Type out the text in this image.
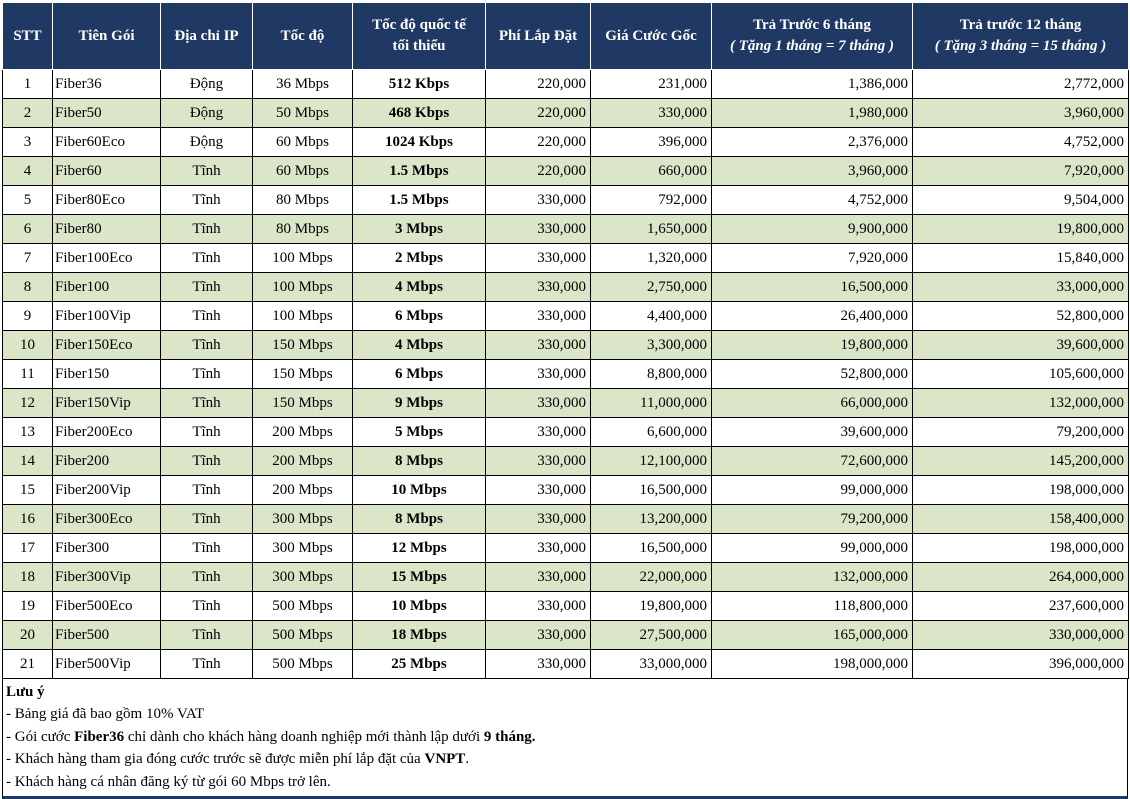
STT	Tiên Gói	Địa chỉ IP	Tốc độ	Tốc độ quốc tế
tối thiểu	Phí Lắp Đặt	Giá Cước Gốc	Trả Trước 6 tháng
( Tặng 1 tháng = 7 tháng )	Trả trước 12 tháng
( Tặng 3 tháng = 15 tháng )
1	Fiber36	Động	36 Mbps	512 Kbps	220,000	231,000	1,386,000	2,772,000
2	Fiber50	Động	50 Mbps	468 Kbps	220,000	330,000	1,980,000	3,960,000
3	Fiber60Eco	Động	60 Mbps	1024 Kbps	220,000	396,000	2,376,000	4,752,000
4	Fiber60	Tĩnh	60 Mbps	1.5 Mbps	220,000	660,000	3,960,000	7,920,000
5	Fiber80Eco	Tĩnh	80 Mbps	1.5 Mbps	330,000	792,000	4,752,000	9,504,000
6	Fiber80	Tĩnh	80 Mbps	3 Mbps	330,000	1,650,000	9,900,000	19,800,000
7	Fiber100Eco	Tĩnh	100 Mbps	2 Mbps	330,000	1,320,000	7,920,000	15,840,000
8	Fiber100	Tĩnh	100 Mbps	4 Mbps	330,000	2,750,000	16,500,000	33,000,000
9	Fiber100Vip	Tĩnh	100 Mbps	6 Mbps	330,000	4,400,000	26,400,000	52,800,000
10	Fiber150Eco	Tĩnh	150 Mbps	4 Mbps	330,000	3,300,000	19,800,000	39,600,000
11	Fiber150	Tĩnh	150 Mbps	6 Mbps	330,000	8,800,000	52,800,000	105,600,000
12	Fiber150Vip	Tĩnh	150 Mbps	9 Mbps	330,000	11,000,000	66,000,000	132,000,000
13	Fiber200Eco	Tĩnh	200 Mbps	5 Mbps	330,000	6,600,000	39,600,000	79,200,000
14	Fiber200	Tĩnh	200 Mbps	8 Mbps	330,000	12,100,000	72,600,000	145,200,000
15	Fiber200Vip	Tĩnh	200 Mbps	10 Mbps	330,000	16,500,000	99,000,000	198,000,000
16	Fiber300Eco	Tĩnh	300 Mbps	8 Mbps	330,000	13,200,000	79,200,000	158,400,000
17	Fiber300	Tĩnh	300 Mbps	12 Mbps	330,000	16,500,000	99,000,000	198,000,000
18	Fiber300Vip	Tĩnh	300 Mbps	15 Mbps	330,000	22,000,000	132,000,000	264,000,000
19	Fiber500Eco	Tĩnh	500 Mbps	10 Mbps	330,000	19,800,000	118,800,000	237,600,000
20	Fiber500	Tĩnh	500 Mbps	18 Mbps	330,000	27,500,000	165,000,000	330,000,000
21	Fiber500Vip	Tĩnh	500 Mbps	25 Mbps	330,000	33,000,000	198,000,000	396,000,000
Lưu ý
- Bảng giá đã bao gồm 10% VAT
- Gói cước Fiber36 chỉ dành cho khách hàng doanh nghiệp mới thành lập dưới 9 tháng.
- Khách hàng tham gia đóng cước trước sẽ được miễn phí lắp đặt của VNPT.
- Khách hàng cá nhân đăng ký từ gói 60 Mbps trở lên.
